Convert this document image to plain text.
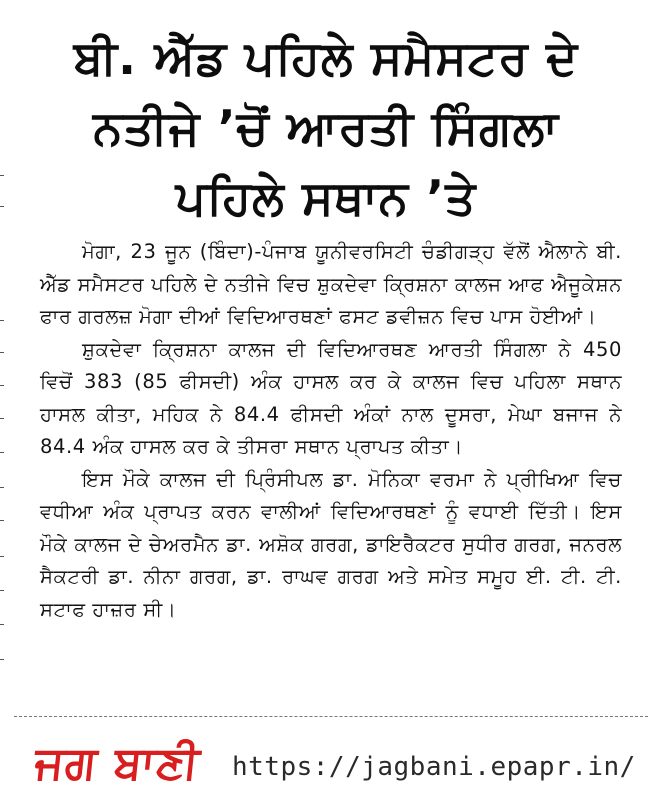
ਬੀ. ਐੱਡ ਪਹਿਲੇ ਸਮੈਸਟਰ ਦੇ
ਨਤੀਜੇ ’ਚੋਂ ਆਰਤੀ ਸਿੰਗਲਾ
ਪਹਿਲੇ ਸਥਾਨ ’ਤੇ

ਮੋਗਾ, 23 ਜੂਨ (ਬਿੰਦਾ)-ਪੰਜਾਬ ਯੂਨੀਵਰਸਿਟੀ ਚੰਡੀਗੜ੍ਹ ਵੱਲੋਂ ਐਲਾਨੇ ਬੀ. ਐੱਡ ਸਮੈਸਟਰ ਪਹਿਲੇ ਦੇ ਨਤੀਜੇ ਵਿਚ ਸ਼ੁਕਦੇਵਾ ਕ੍ਰਿਸ਼ਨਾ ਕਾਲਜ ਆਫ ਐਜੂਕੇਸ਼ਨ ਫਾਰ ਗਰਲਜ਼ ਮੋਗਾ ਦੀਆਂ ਵਿਦਿਆਰਥਣਾਂ ਫਸਟ ਡਵੀਜ਼ਨ ਵਿਚ ਪਾਸ ਹੋਈਆਂ।

ਸ਼ੁਕਦੇਵਾ ਕ੍ਰਿਸ਼ਨਾ ਕਾਲਜ ਦੀ ਵਿਦਿਆਰਥਣ ਆਰਤੀ ਸਿੰਗਲਾ ਨੇ 450 ਵਿਚੋਂ 383 (85 ਫੀਸਦੀ) ਅੰਕ ਹਾਸਲ ਕਰ ਕੇ ਕਾਲਜ ਵਿਚ ਪਹਿਲਾ ਸਥਾਨ ਹਾਸਲ ਕੀਤਾ, ਮਹਿਕ ਨੇ 84.4 ਫੀਸਦੀ ਅੰਕਾਂ ਨਾਲ ਦੂਸਰਾ, ਮੇਘਾ ਬਜਾਜ ਨੇ 84.4 ਅੰਕ ਹਾਸਲ ਕਰ ਕੇ ਤੀਸਰਾ ਸਥਾਨ ਪ੍ਰਾਪਤ ਕੀਤਾ।

ਇਸ ਮੌਕੇ ਕਾਲਜ ਦੀ ਪ੍ਰਿੰਸੀਪਲ ਡਾ. ਮੋਨਿਕਾ ਵਰਮਾ ਨੇ ਪ੍ਰੀਖਿਆ ਵਿਚ ਵਧੀਆ ਅੰਕ ਪ੍ਰਾਪਤ ਕਰਨ ਵਾਲੀਆਂ ਵਿਦਿਆਰਥਣਾਂ ਨੂੰ ਵਧਾਈ ਦਿੱਤੀ। ਇਸ ਮੌਕੇ ਕਾਲਜ ਦੇ ਚੇਅਰਮੈਨ ਡਾ. ਅਸ਼ੋਕ ਗਰਗ, ਡਾਇਰੈਕਟਰ ਸੁਧੀਰ ਗਰਗ, ਜਨਰਲ ਸੈਕਟਰੀ ਡਾ. ਨੀਨਾ ਗਰਗ, ਡਾ. ਰਾਘਵ ਗਰਗ ਅਤੇ ਸਮੇਤ ਸਮੂਹ ਈ. ਟੀ. ਟੀ. ਸਟਾਫ ਹਾਜ਼ਰ ਸੀ।

ਜਗ ਬਾਣੀ https://jagbani.epapr.in/
